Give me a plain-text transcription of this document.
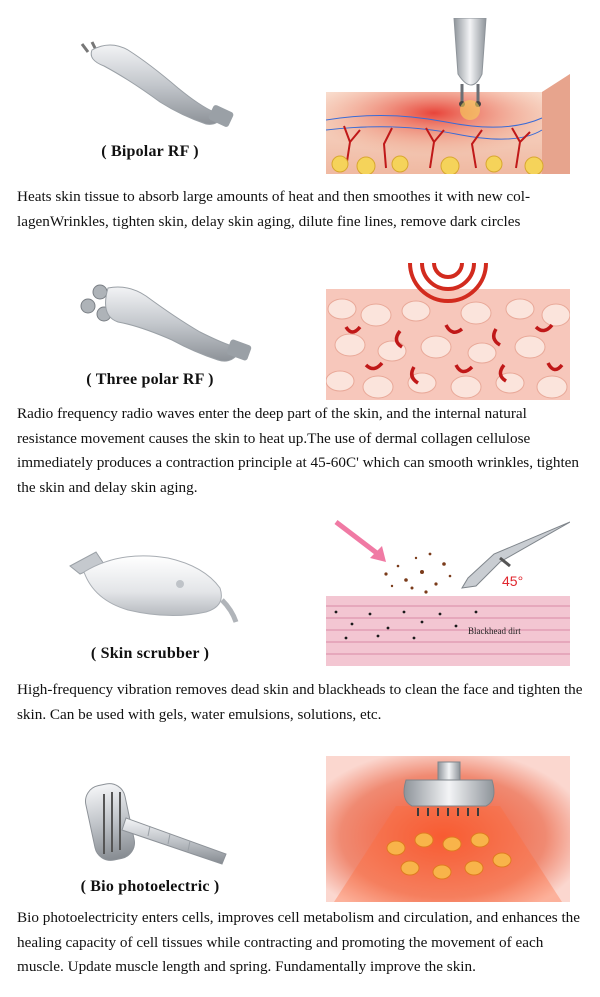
( Bipolar RF )

Heats skin tissue to absorb large amounts of heat and then smoothes it with new col-lagenWrinkles, tighten skin, delay skin aging, dilute fine lines, remove dark circles

( Three polar RF )

Radio frequency radio waves enter the deep part of the skin, and the internal natural resistance movement causes the skin to heat up.The use of dermal collagen cellulose immediately produces a contraction principle at 45-60C' which can smooth wrinkles, tighten the skin and delay skin aging.

( Skin scrubber )
45°
Blackhead dirt

High-frequency vibration removes dead skin and blackheads to clean the face and tighten the skin. Can be used with gels, water emulsions, solutions, etc.

( Bio photoelectric )

Bio photoelectricity enters cells, improves cell metabolism and circulation, and enhances the healing capacity of cell tissues while contracting and promoting the movement of each muscle. Update muscle length and spring. Fundamentally improve the skin.
